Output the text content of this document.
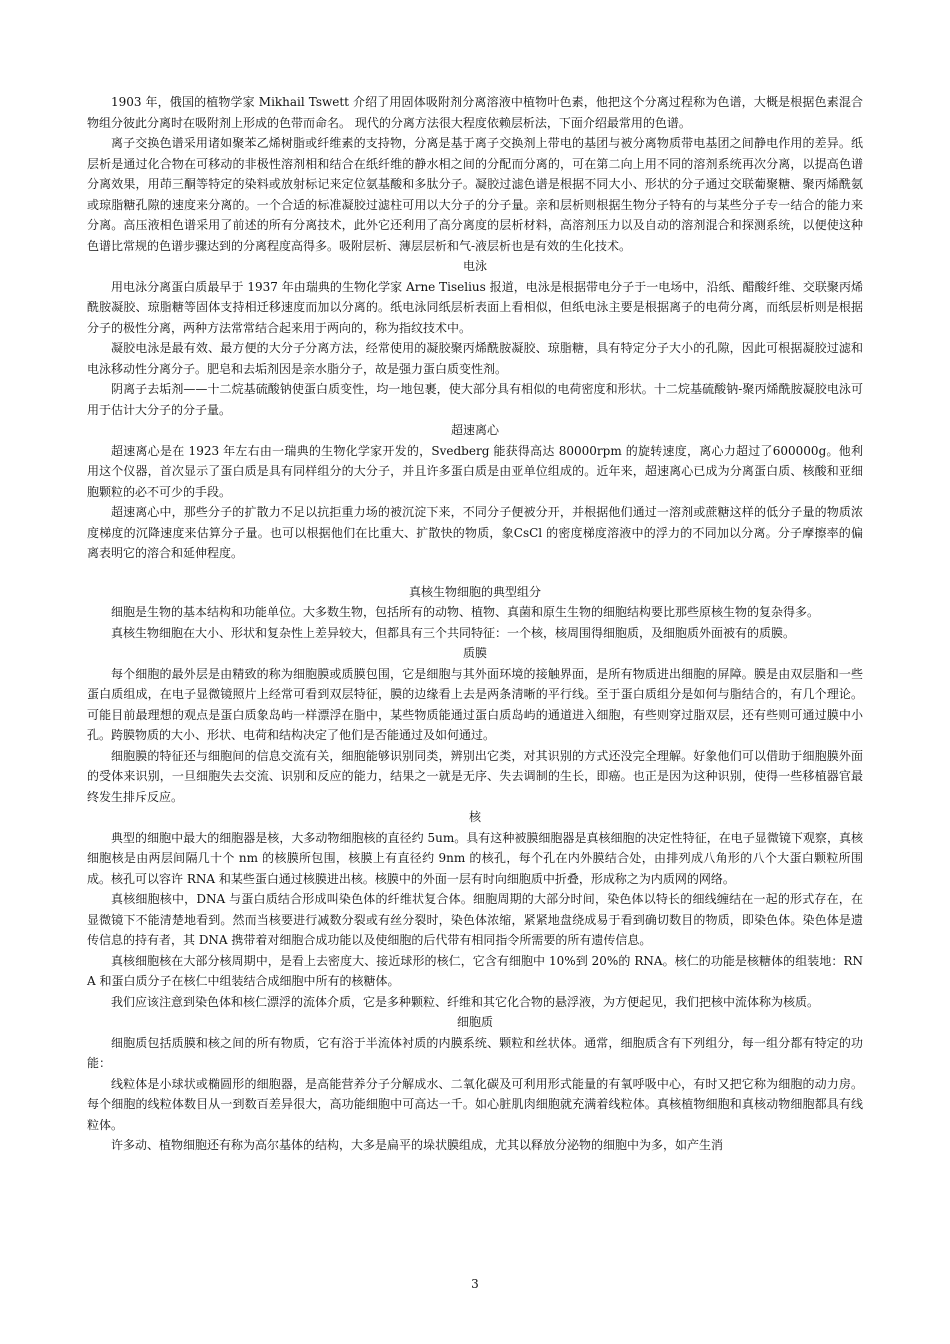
1903 年，俄国的植物学家 Mikhail Tswett 介绍了用固体吸附剂分离溶液中植物叶色素，他把这个分离过程称为色谱，大概是根据色素混合物组分彼此分离时在吸附剂上形成的色带而命名。 现代的分离方法很大程度依赖层析法，下面介绍最常用的色谱。
离子交换色谱采用诸如聚苯乙烯树脂或纤维素的支持物，分离是基于离子交换剂上带电的基团与被分离物质带电基团之间静电作用的差异。纸层析是通过化合物在可移动的非极性溶剂相和结合在纸纤维的静水相之间的分配而分离的，可在第二向上用不同的溶剂系统再次分离，以提高色谱分离效果，用茚三酮等特定的染料或放射标记来定位氨基酸和多肽分子。凝胶过滤色谱是根据不同大小、形状的分子通过交联葡聚糖、聚丙烯酰氨或琼脂糖孔隙的速度来分离的。一个合适的标准凝胶过滤柱可用以大分子的分子量。亲和层析则根据生物分子特有的与某些分子专一结合的能力来分离。高压液相色谱采用了前述的所有分离技术，此外它还利用了高分离度的层析材料，高溶剂压力以及自动的溶剂混合和探测系统，以便使这种色谱比常规的色谱步骤达到的分离程度高得多。吸附层析、薄层层析和气-液层析也是有效的生化技术。
电泳
用电泳分离蛋白质最早于 1937 年由瑞典的生物化学家 Arne Tiselius 报道，电泳是根据带电分子于一电场中，沿纸、醋酸纤维、交联聚丙烯酰胺凝胶、琼脂糖等固体支持相迁移速度而加以分离的。纸电泳同纸层析表面上看相似，但纸电泳主要是根据离子的电荷分离，而纸层析则是根据分子的极性分离，两种方法常常结合起来用于两向的，称为指纹技术中。
凝胶电泳是最有效、最方便的大分子分离方法，经常使用的凝胶聚丙烯酰胺凝胶、琼脂糖，具有特定分子大小的孔隙，因此可根据凝胶过滤和电泳移动性分离分子。肥皂和去垢剂因是亲水脂分子，故是强力蛋白质变性剂。
阴离子去垢剂——十二烷基硫酸钠使蛋白质变性，均一地包裹，使大部分具有相似的电荷密度和形状。十二烷基硫酸钠-聚丙烯酰胺凝胶电泳可用于估计大分子的分子量。
超速离心
超速离心是在 1923 年左右由一瑞典的生物化学家开发的，Svedberg 能获得高达 80000rpm 的旋转速度，离心力超过了600000g。他利用这个仪器，首次显示了蛋白质是具有同样组分的大分子，并且许多蛋白质是由亚单位组成的。近年来，超速离心已成为分离蛋白质、核酸和亚细胞颗粒的必不可少的手段。
超速离心中，那些分子的扩散力不足以抗拒重力场的被沉淀下来，不同分子便被分开，并根据他们通过一溶剂或蔗糖这样的低分子量的物质浓度梯度的沉降速度来估算分子量。也可以根据他们在比重大、扩散快的物质，象CsCl 的密度梯度溶液中的浮力的不同加以分离。分子摩擦率的偏离表明它的溶合和延伸程度。
真核生物细胞的典型组分
细胞是生物的基本结构和功能单位。大多数生物，包括所有的动物、植物、真菌和原生生物的细胞结构要比那些原核生物的复杂得多。
真核生物细胞在大小、形状和复杂性上差异较大，但都具有三个共同特征：一个核，核周围得细胞质，及细胞质外面被有的质膜。
质膜
每个细胞的最外层是由精致的称为细胞膜或质膜包围，它是细胞与其外面环境的接触界面，是所有物质进出细胞的屏障。膜是由双层脂和一些蛋白质组成，在电子显微镜照片上经常可看到双层特征，膜的边缘看上去是两条清晰的平行线。至于蛋白质组分是如何与脂结合的，有几个理论。可能目前最理想的观点是蛋白质象岛屿一样漂浮在脂中，某些物质能通过蛋白质岛屿的通道进入细胞，有些则穿过脂双层，还有些则可通过膜中小孔。跨膜物质的大小、形状、电荷和结构决定了他们是否能通过及如何通过。
细胞膜的特征还与细胞间的信息交流有关，细胞能够识别同类，辨别出它类，对其识别的方式还没完全理解。好象他们可以借助于细胞膜外面的受体来识别，一旦细胞失去交流、识别和反应的能力，结果之一就是无序、失去调制的生长，即癌。也正是因为这种识别，使得一些移植器官最终发生排斥反应。
核
典型的细胞中最大的细胞器是核，大多动物细胞核的直径约 5um。具有这种被膜细胞器是真核细胞的决定性特征，在电子显微镜下观察，真核细胞核是由两层间隔几十个 nm 的核膜所包围，核膜上有直径约 9nm 的核孔，每个孔在内外膜结合处，由排列成八角形的八个大蛋白颗粒所围成。核孔可以容许 RNA 和某些蛋白通过核膜进出核。核膜中的外面一层有时向细胞质中折叠，形成称之为内质网的网络。
真核细胞核中，DNA 与蛋白质结合形成叫染色体的纤维状复合体。细胞周期的大部分时间，染色体以特长的细线缠结在一起的形式存在，在显微镜下不能清楚地看到。然而当核要进行减数分裂或有丝分裂时，染色体浓缩，紧紧地盘绕成易于看到确切数目的物质，即染色体。染色体是遗传信息的持有者，其 DNA 携带着对细胞合成功能以及使细胞的后代带有相同指令所需要的所有遗传信息。
真核细胞核在大部分核周期中，是看上去密度大、接近球形的核仁，它含有细胞中 10%到 20%的 RNA。核仁的功能是核糖体的组装地：RNA 和蛋白质分子在核仁中组装结合成细胞中所有的核糖体。
我们应该注意到染色体和核仁漂浮的流体介质，它是多种颗粒、纤维和其它化合物的悬浮液，为方便起见，我们把核中流体称为核质。
细胞质
细胞质包括质膜和核之间的所有物质，它有浴于半流体衬质的内膜系统、颗粒和丝状体。通常，细胞质含有下列组分，每一组分都有特定的功能：
线粒体是小球状或椭圆形的细胞器，是高能营养分子分解成水、二氧化碳及可利用形式能量的有氧呼吸中心，有时又把它称为细胞的动力房。每个细胞的线粒体数目从一到数百差异很大，高功能细胞中可高达一千。如心脏肌肉细胞就充满着线粒体。真核植物细胞和真核动物细胞都具有线粒体。
许多动、植物细胞还有称为高尔基体的结构，大多是扁平的垛状膜组成，尤其以释放分泌物的细胞中为多，如产生消
3
